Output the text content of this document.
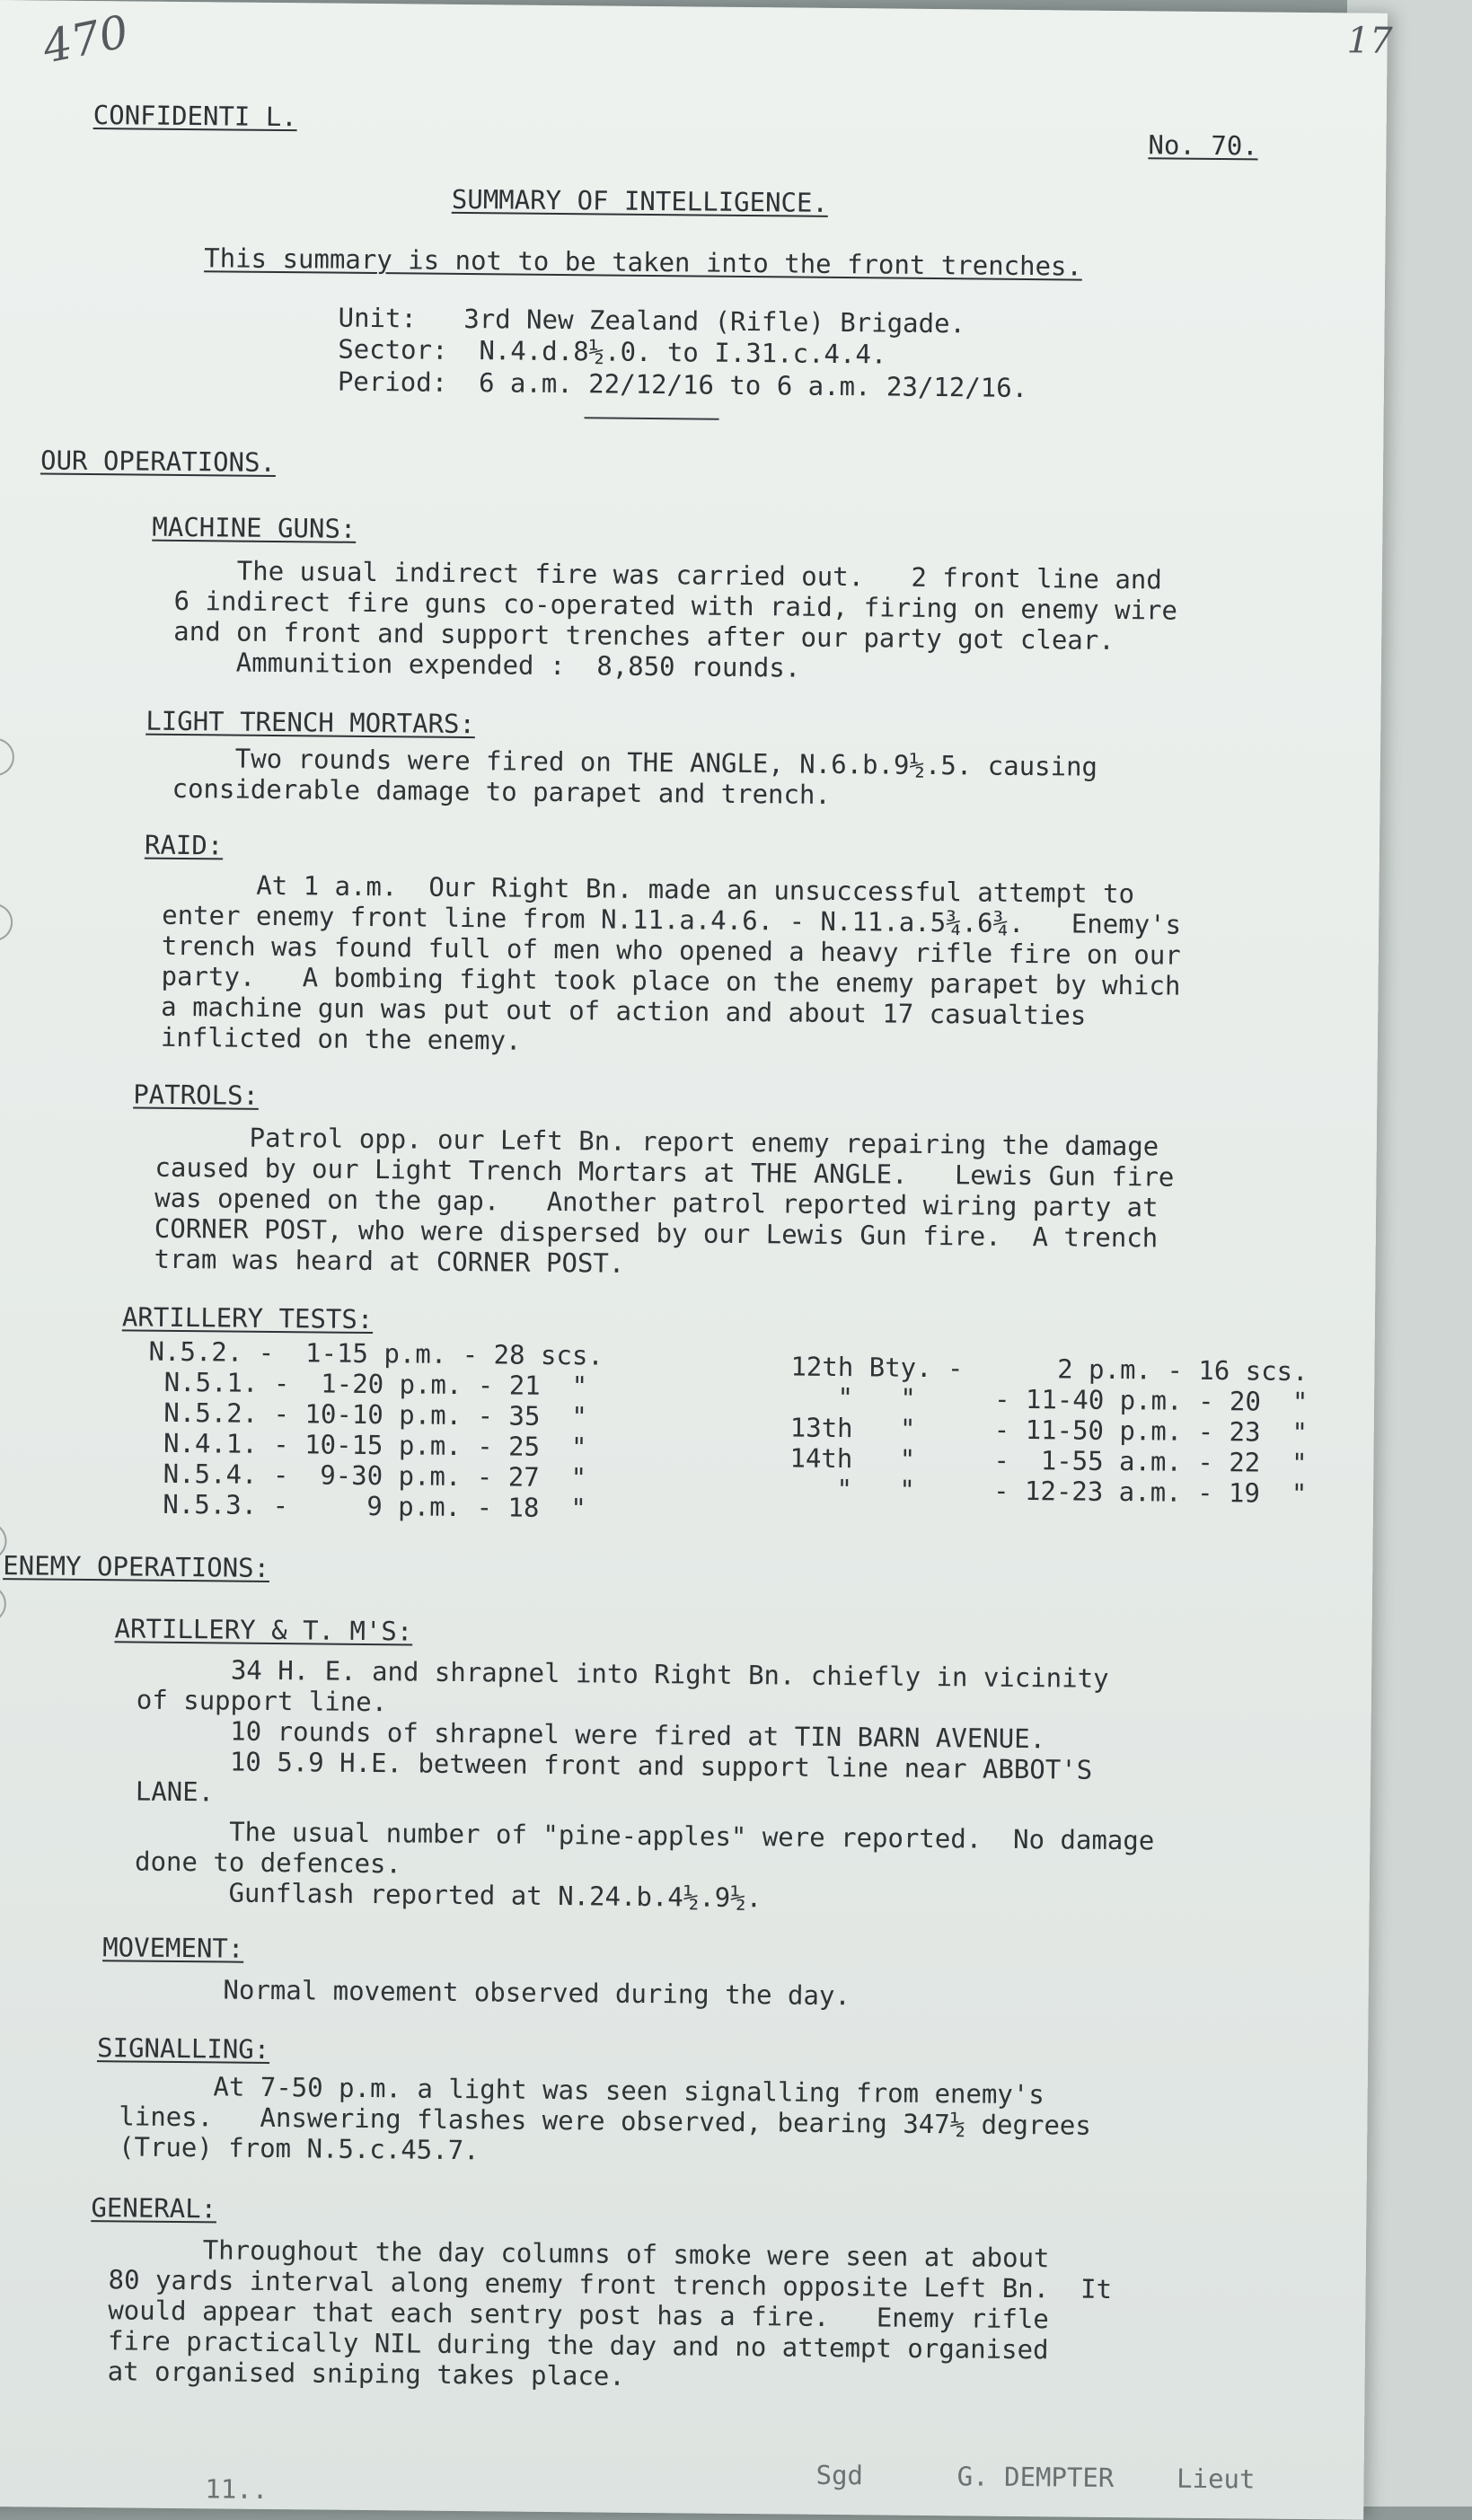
470	17
CONFIDENTI L.
No. 70.
SUMMARY OF INTELLIGENCE.
This summary is not to be taken into the front trenches.
Unit:   3rd New Zealand (Rifle) Brigade.
Sector:  N.4.d.8½.0. to I.31.c.4.4.
Period:  6 a.m. 22/12/16 to 6 a.m. 23/12/16.
OUR OPERATIONS.
MACHINE GUNS:
The usual indirect fire was carried out.   2 front line and
6 indirect fire guns co-operated with raid, firing on enemy wire
and on front and support trenches after our party got clear.
Ammunition expended :  8,850 rounds.
LIGHT TRENCH MORTARS:
Two rounds were fired on THE ANGLE, N.6.b.9½.5. causing
considerable damage to parapet and trench.
RAID:
At 1 a.m.  Our Right Bn. made an unsuccessful attempt to
enter enemy front line from N.11.a.4.6. - N.11.a.5¾.6¾.   Enemy's
trench was found full of men who opened a heavy rifle fire on our
party.   A bombing fight took place on the enemy parapet by which
a machine gun was put out of action and about 17 casualties
inflicted on the enemy.
PATROLS:
Patrol opp. our Left Bn. report enemy repairing the damage
caused by our Light Trench Mortars at THE ANGLE.   Lewis Gun fire
was opened on the gap.   Another patrol reported wiring party at
CORNER POST, who were dispersed by our Lewis Gun fire.  A trench
tram was heard at CORNER POST.
ARTILLERY TESTS:
N.5.2. -  1-15 p.m. - 28 scs.
N.5.1. -  1-20 p.m. - 21  "
N.5.2. - 10-10 p.m. - 35  "
N.4.1. - 10-15 p.m. - 25  "
N.5.4. -  9-30 p.m. - 27  "
N.5.3. -     9 p.m. - 18  "
12th Bty. -      2 p.m. - 16 scs.
"   "     - 11-40 p.m. - 20  "
13th   "     - 11-50 p.m. - 23  "
14th   "     -  1-55 a.m. - 22  "
"   "     - 12-23 a.m. - 19  "
ENEMY OPERATIONS:
ARTILLERY & T. M'S:
34 H. E. and shrapnel into Right Bn. chiefly in vicinity
of support line.
10 rounds of shrapnel were fired at TIN BARN AVENUE.
10 5.9 H.E. between front and support line near ABBOT'S
LANE.
The usual number of "pine-apples" were reported.  No damage
done to defences.
Gunflash reported at N.24.b.4½.9½.
MOVEMENT:
Normal movement observed during the day.
SIGNALLING:
At 7-50 p.m. a light was seen signalling from enemy's
lines.   Answering flashes were observed, bearing 347½ degrees
(True) from N.5.c.45.7.
GENERAL:
Throughout the day columns of smoke were seen at about
80 yards interval along enemy front trench opposite Left Bn.  It
would appear that each sentry post has a fire.   Enemy rifle
fire practically NIL during the day and no attempt organised
at organised sniping takes place.
11..	Sgd      G. DEMPTER    Lieut
